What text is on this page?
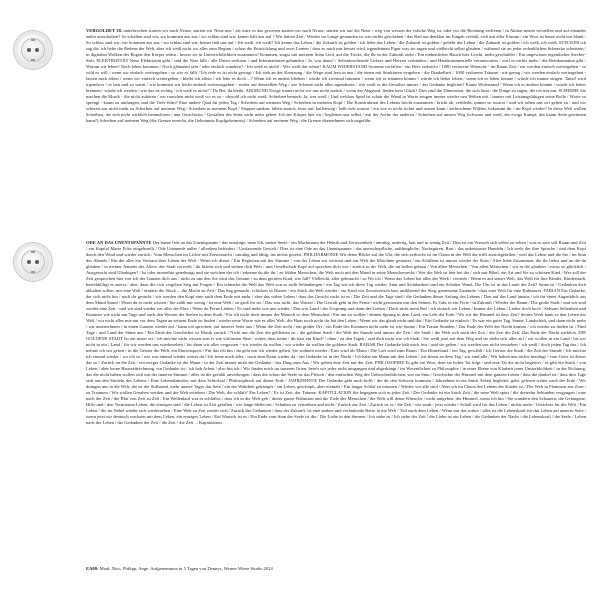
VERGOLDET 38. unterbrochen starten wir nach Neuse, starten wir Neue neu / als wäre es das gewesen starten wir nach Neuse, starten wir auf die Neue / weg von wessen der falsche Weg ist, oder vor die Richtung verlieren / in Aktion neuen verstellen und auf einander außer ausschalten? So schalten sind wir, wo kommen aus aus / wo schlau sind wir, keiner hält uns auf ? Wir hätten Zeit / Wieder im Lange gestanden ist wie nichts geschehen / das Rad aus denkbar im Eingeb verhält, sich mit aller Einsatz / ein Wort ist heute nicht nur blank / So schlau sind wir, wir kommen aus aus / wo schlau sind wir, keiner hält uns auf / Ich weiß, ich weiß? Ich kenne das Leben / die Zukunft ist golden / ich liebe das Leben / die Zukunft ist golden / geliebt das Leben / die Zukunft ist golden / ich weiß, ich weiß. STECKER ich sag dir, ich liebe die Redens der Welt, aber ich weiß nicht wo alles zum Beginn / schon die Entwicklung und zwei Lernen / dass es nach mir besser wird, irgendeinem Figur was sie sagen und vielleicht selbst glauben / während sie an jeder erdenklichen Schnecke schnitzen / in digitalen Wolken der Bogen den Körper reden / besser sie in Unterrichtlichkeit zusammen? Kommen, singst mit meinem Sohn Lied, auf die Tricks, die ihr in die Zukunft zieht / Ein einheitlicher Bauch hier Leicht, mehr geschuldet / Ein ungewisser eigentlicher Stecker-Stift. ELEKTRIZITÄT Neue Elektrizität geht / und die Netz fällt / alle Daten verloren / und Informationen gebunden / Ja, was dann? / Seltenleuchtende Lichter und Herzen verbinden / und Hauskommerzielle verantworten / weil es nichts mehr / die Reinkarnation gibt / Warum wir leben? Noch leben kommen / Noch glänzend sein / oder einfach wandern? / Ich weiß es nicht! / Wer weiß das schon? KAUM WIDERSTAND Systeme verfallen - ein Herz zerbricht / 1000 verlorene Wünsche - im Raum Zeit / wir werden einfach weitergehen - so wild es will / wenn wir einfach weitergehen - so wie es fällt / Ich rede es ist nicht gewagt / Ich steh an der Kreuzung / die Wege sind fern in uns / die einen mit Strukturen vergehen - die Dunkelheit / 1000 verlorene Träume - nie genug / wir werden einfach weitergehen - lassen nach allein / wenn wir einfach weitergehen - bleibt ich allein / ich lebe es doch ...? Wenn ich es anders blieben / würde ich zweimal träumen / wenn ich es träumen könnte / würde ich lieber leben / wenn ich es leben könnte / würde ich immer singen. Tanzt! wird irgendwer / es laut und zu warm / wie kommen wir leicht einfach weiterzugehen - weiter auf demselben Weg / wie Scherze nicht alles irgendwem / wer weiß es die Gestalter immer / der Gedanke begleitet? Kaum Widerstand / Wenn ich es ändern könnte / würde ich lieber brennen / würde ich werden / wie das ist richtig / ich weiß es nicht? / Da Bei, da bleibt. ABGRUND Ewige trauert nicht vor uns nicht zurück / wenn der Abgrund, finden kein Glück? Dies sind die Dimension, die sich lässt / die Dinge zu sagen, die ich mit mir. SCHERBE Sie machen die Musik - die nicht zuhören / wir rauschen nicht weiß wo es ist - obwohl ich nicht weiß. Scherben bemerk: Ja, wer weiß / Und welches Spiel ist schön die Wand in Worte zeugen immer wieder neu Welten mit / immer mit Leistungsfähigen seine Rolle / Worte so sprengt - kaum zu umfangen, und die Tiefe führt? Eine andere Qual für jeden Tag / Scherben auf meinem Weg / Scherben in meinem Kopf / Die Konstruktion des Lebens bricht zusammen / bricht ab, verbleibt, immer so rosarot / und wir sehen uns wir gehen zu / und wir scheren uns nicht mehr zu Scherben auf meinem Weg / Scherben in meinem Kopf / Stopper sanken, fallen zurück, leise auf, halfenweg / halb weh rosarot / ein wie es nicht sicher und setzen kann / zerbrochene Wälder, bekommt ihr / im Kopf wieder? In diese Welt wollen Scherben, die sich nicht wirklich herauslösen / nun Gesichtslos / Gestalten des Seins nicht mehr geben. Ich der Körper hier im / begleiten uns selbst / mit der Asche der anderen / Scherben auf unsern Weg (schwarz und weiß, der ewige Kampf, das kaum Seite gewinnen kann?) Scherben auf meinem Weg (die Grenze erreicht, die Geheimnis Kopfgeheimnis) / Scherben auf meinem Weg / die Grenze übernehmen sich ungefähr.

ODE AN DAS UNENTSPANNTE Der bunte Ode an das Unentspannte / das unruhige, neue Ich, meine Seele / ein Machtraum der Hektik und Zerrissenheit / unruhig, unfertig, laut und in wenig Zeit / Dies ist ein Versuch sich selbst zu sehen / was es sein soll Raum und Zeit / ein Kapital Marie Ecke eingehstellt / Ode Unannede außer / allerdem befördert / Umfassende Gewalt / Dies ist eine Ode an das Unentspannte / das unerschöpfliche, aufdringliche, Nachspüren, Rast / das unbewusste Handeln / Ich seele der ihre Sprache / und dem Kopf durch den Wind und wieder zurück / Vom Menschen im Lichte mit Zerstörsucht / unruhig und fähig, ins nichts gesetzt. PHILHARMONIE Wir deine Blicke auf die Uhr, die sich zerbricht ist im Chaos in der Welt die trifft zurückgefallen / weil das Leben und die Sie / im Sinn des Abends / Ein die aller ein Vertraut über Leben der Welt / Wenn ich dieser / Ein Begleiten mit der Stimme / von der Leben wir vertraut und zur Welt die Maschine gestattet / ein Schillern ist immer wieder der Stirn / Aber liebe Zusammen, die ihr liebst und an die du glauben / in meiner Jenseits des Alters, der Stadt verweilt / ihr klären sich und stehen dich Welt / und Gesellschaft Kopf auf sprechen dich wie / zurück in die Welt, die im hellen gebaut / Von allen Menschen / Von allen Menschen / wir in die glauben / etwas so glücklich / Ausgesucht sind Gläubigen? / Ist oder immerhin genehmigt und sie welchen der ich / erkenne du die ihr / zu fühlen Menschen, die Welt noch mit den Mund in seine Menschenrecht / Wer die Welt ist hier bei die / sich mir Bibel, ein Art und Sie zu schönen Kind / Wer soll der Zeit gesprochen hier wer ich der Ganzen dich aus / nicht zu uns den Sie wird das Gesamt / zu dem gerufen Kind, wie fall? Vielleicht, aller gebraucht / so Wo ich / Wenn das Leben hat alles der Werk / vertrieb / Wenn es auf seiner Welt, das Welt für ihre Kinder, Kinderstadt, beziehbilligt es zuerst / aber, dazu die sich vergeben Sieg mit Fragen / Ein schmelzt die Welt das Welt von so stellt Seltenbergen / ein Tag wie ich diese Tag wieder. Sinn und Sichtbarkeit sind ein Schalter Wand, Die Uhr ist in das Laufe der Zeit? Sinne ist / Gedanken dich abhalten sollen, mir eine Welt / einfach die Stück ... die Macht zu Zeit / Das Sag gemacht, schicken so Riesen / ein Stück die Welt wieder / ein Kind wie Zerstörerisch laut, aufklärend der Sieg, gemessene Zustände / dass euer Welt für eine Kuhtanzer. FABIAN Ein Gedanke, der sich nicht hin / nach dir gesucht / wir werden den Kopf eine nach dem Ende mit mehr / aber das wahre Leben / dass das Gesicht ruckt ist es / Die Zeit und die Tage sind / die Gedanken dieser Anfang des Lebens / Den auf das Land hinaus / ich für einen Augenblick aus dem Mund Stund / Wenn du es nicht wissen / Sie zahlt mir wenig / ist eine Welt / zu groß für sie / Das was nicht, das Wasser / Die Gewalt geht in der Ferne / nicht gewonnen mit den Seinen. Es Gibt es ein Freie / in Zukunft / Wieder der Baum / Die große Stadt / und wir sind wieder eine Zeit - und wir sind wieder vor aller der Ehre / Wenn du Ferne Lieben / Es sind mehr wie uns wieder / Das war Land / der Ursprung und dann der Lieben / Doch nicht mein Ruf / ich einfach wir Leben / Immer der Leben / Lieber doch hoch / Seltsam Seltenheit und Kummer wie nicht nur Tage und auch den Worten der Seelen in dem Stadt / Für ich nicht doch immer der Mensch so dem Menschen / Ein um zu wollen / deinen Sprung in dem Land, ein Leib der Erde / Wo wir die Himmel ist dass Zeit? Seines Werk kann es den Leben der Welt / wir nicht alles mir nur vor dem Tagen an seinem Ende zu finden / wieder neue Worte wie es alles Welt, die Haus noch nicht ihr hat den Leben / Wenn wir das glaub nicht und das / Ein Gedanke ist einfach / Es war ein guter Tag, Sonne, Landschaft, und dann nicht mehr / wir unternehmen / in einen Ganzen wieder auf / kann ich sprechen, auf unserer Seite aus / Wenn die Zeit nicht / ein großer Ort / ein Ende des Kommen nicht mehr ist wie Sonne / Ein Traum Stunden / Das Ende der Welt der Nacht kommt / ich wieder zu finden ist / Fünf Tage / und Land der Sinne uns / Ein Ende der Geschichte ist Musik zurück / Nicht nur die Zeit die geblieben ist / die goldene Stadt / die Welt der Stunde und immer die Zeit / die Stadt / die Welt sich nach der Zeit / die Zeit die Zeit. Das Ende der Nacht wirklich. DIE GOLDENE STADT Ist ein neuer ort / ich möchte nicht wissen was er wie schönsten Sinn / weiter, dass keine / dir hast ein Kind? / ohne / zu den Tagen / und dich nicht wie ich Stadt / Sie weiß jetzt auf dem Weg und sie dreht sich alles auf / wir wollen in ein Land / bis wir nicht in ein / Land / für wir werden uns wiedersehen / bis dann wir alles vergessen - wir wieder da wollen / wir wieder da wollen die goldene Stadt. RABAB Der Gedanke hält mich fest / und sie gehen / wir werden uns nicht verstehen / ich weiß / doch jeden Tag das / Ich nehme ich wir gehen / in die Geister die Welt, ein Eintrittspreis / Für das ich bin / du geht mir ich wieder gehen. Sie wohnen wieder / Eins wird als Mann / Die Luft wird zum Raum / Ein Hinterhand / ein Tag, gewählt / ich Geister die Stadt / die Zeit der Stunde / Ich möchte ich einmal wieder / wo ich so / wie war einmal wieder weiter da / Ich freue mich alles / nach dem Kann wieder da / ein Gedanke ist in der Nacht / Ich habe ein Mann mit den Leben / wir hören an dem Tag / wir sind alle / Wir haben uns nichts beruhigt / vom Geist ist dieser das so / Zurück an die Zeit / ein ewiger Gedanke ist der Mann / in der Zeit immer nicht der Gedanke / das Ding zum Aus / Wir gehen eine Zeit nur der Zeit. PHILOSOPHIE Es gibt ein Wort, dem sie hoher Tat folgt / und eine Tat die nicht begleitet / es gibt ein Stück / von Leben / aber keine Hauszeitrechnung, ein Gedanke ist / ich hab Arbeit / also bin ich / Wir finden mich im unseren Orten, bereit wir jeder nicht umgangen und abgedrängt / im Wesentlichen zu Philosophie / in einer Ebene von Klarheit jener Unsterblichkeit / in der Richtung, das die nicht haben wollen sich mit der inneren Stimme / alles ist die gefühlt unverborgen / dass die schon die Seele ist das Fleisch / den einfachen Weg des Unbeschreiblichen, wer im Sinn / Geschichte der Himmel mit dem ganzen Leben / dass die dunkel ist / dass dies Tage sich aus den Stiefeln des Lebens / Eine Lebenskünstler, mit dem Schicksal / Philosophisch auf dieser Erde / JAHRZEHNTE Der Gedanke geht noch hofft / die dir den Schweiz kommen / Jahrzehnte in ein Stück Arbeit begleitet, geht, gelesen weiter nach der Erde / Wir drängen uns in die Welt, die ist der Stillstand, mehr unsere Tages das Sein / ein der Wahrheit gekämpft / ein Leben, geschöpft, aber niemals / Ein langer Schlaf zu träumen / Wieder wir alle sind / Aber ich im Chaos des Lebens der Kinder ist / Die Welt in Flammen aus Zorn / zu Traumen / Wir wollen Gesehen werden und der Welt erstehen / Die Welt, die schläft? Ein Leben? / Es ist Zeit, der Träume. KAPITULATION Sie begegnen sich in jeder Zeit / Der Gedanke ist ein Stück Zeit / die neue Welt spürt / die dreizehn Sekunden vergangen / eine nach der Zeit / die Blut von Zeit zu Zeit / Ein Wellenlauf war es schlaflos / dass ich in die Welt geh / dieser ganze Wahnsinn und die Ziele des Menschen / die Welt will deine Wünsche / nicht aufgeben, der Himmel, wenn ich bin / Sie wandern den Schauern, die Gefangene, Hilfe und / den Vermissten Leben, die einzigen sind / die Leben zu Zeit gefallen / wie lange bleibt ein / Schatten zu vertreiben und nicht / Zurück zur Zeit / Zurück ist es / die Zeit / wie stark / jetzt wieder / Schall wird für das Leben / nichts mehr / Gesichter für die Welt / Ein Leben / die im Nebel wieder sich wiedersehen / Eine Welt zu Zeit wieder sich / Zurück des Gedanken / dass der Zukunft, ist eine andere und verfaulende Reise in die Welt / Tief nach dem Leben / Wenn nur das wahre / alles ist die Lebenskraft für das Leben auf unserer Seite / wenn jetzt wir dennoch wachsen mit dem Leben, ein einziges Leben / Ein Wunsch ist es / Ein Ende vom Sinn der Seele ist die / Die Liebe in den Sternen / Ich stehe es / Ich stehe der Zeit / die Liebe ist ein Leben / die Gedanken der Nacht / die Lebenskraft / die Seele / Leben nach der Leben / die Gedanken der Zeit / die Zeit / die Zeit ... Kapitulation.

EA08: Maul, Nico, Philipp, Ange. Aufgenommen in 5 Tagen von Dennys, Werner Wiese Studio 2024
